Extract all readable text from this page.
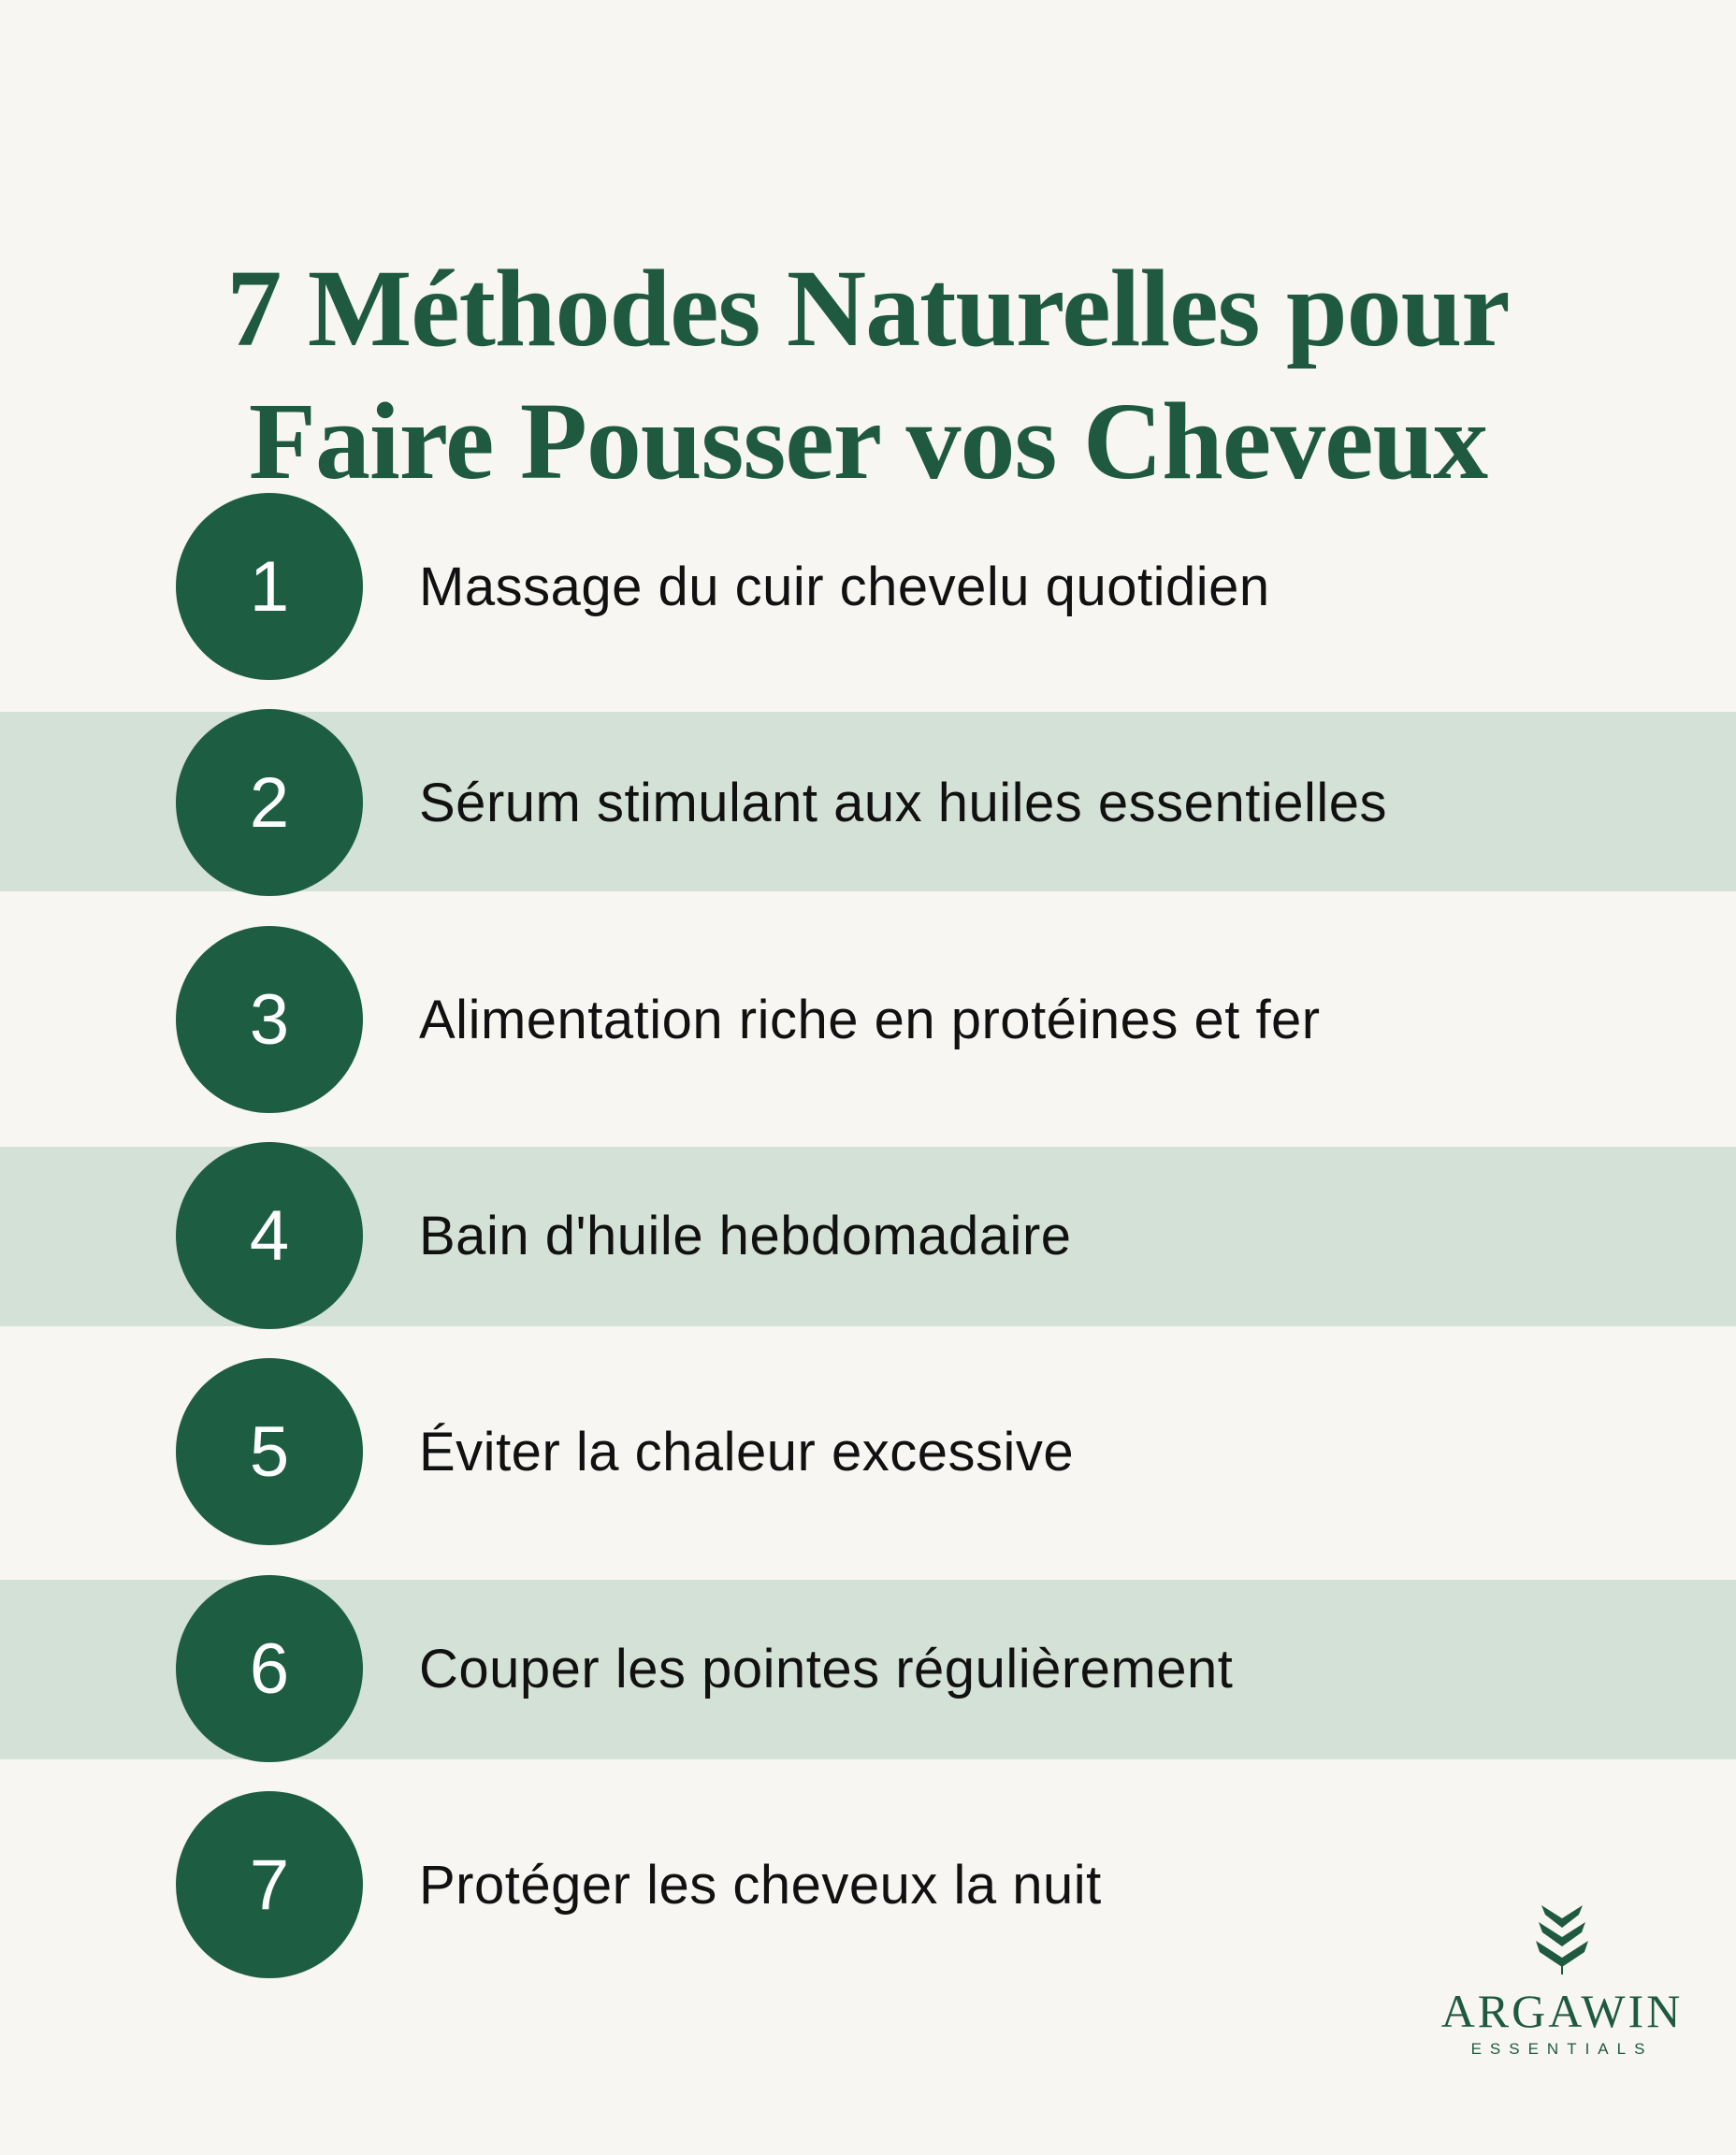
7 Méthodes Naturelles pour
Faire Pousser vos Cheveux
1	Massage du cuir chevelu quotidien
2	Sérum stimulant aux huiles essentielles
3	Alimentation riche en protéines et fer
4	Bain d'huile hebdomadaire
5	Éviter la chaleur excessive
6	Couper les pointes régulièrement
7	Protéger les cheveux la nuit
ARGAWIN
ESSENTIALS
